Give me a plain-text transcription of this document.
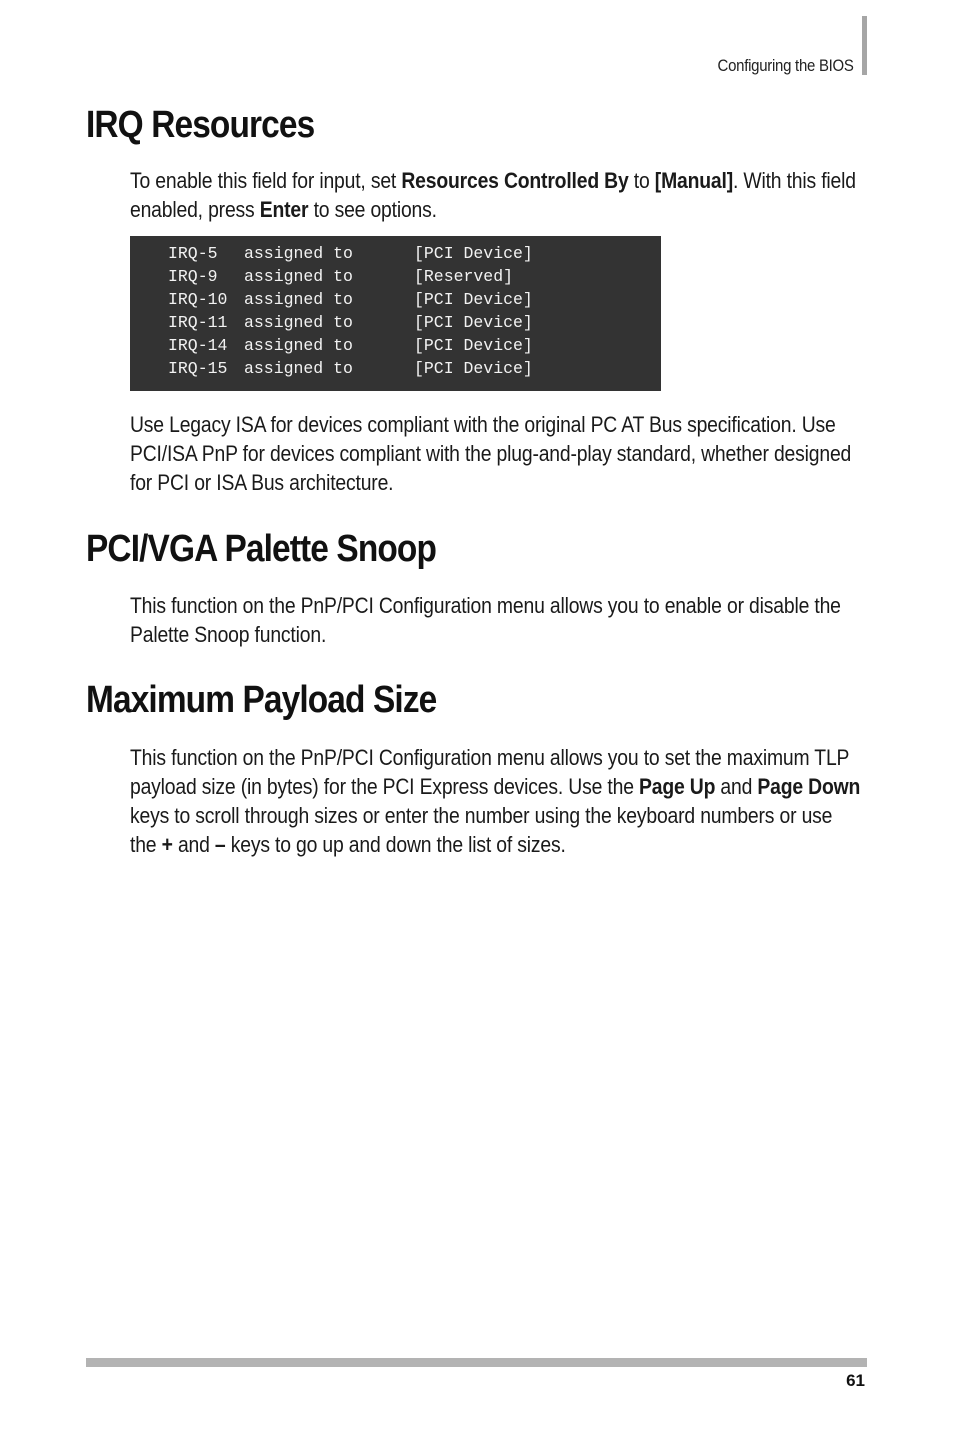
Configuring the BIOS
IRQ Resources

To enable this field for input, set Resources Controlled By to [Manual]. With this field enabled, press Enter to see options.

IRQ-5 assigned to	[PCI Device]
IRQ-9 assigned to	[Reserved]
IRQ-10 assigned to	[PCI Device]
IRQ-11 assigned to	[PCI Device]
IRQ-14 assigned to	[PCI Device]
IRQ-15 assigned to	[PCI Device]

Use Legacy ISA for devices compliant with the original PC AT Bus specification. Use PCI/ISA PnP for devices compliant with the plug-and-play standard, whether designed for PCI or ISA Bus architecture.

PCI/VGA Palette Snoop

This function on the PnP/PCI Configuration menu allows you to enable or disable the Palette Snoop function.

Maximum Payload Size

This function on the PnP/PCI Configuration menu allows you to set the maximum TLP payload size (in bytes) for the PCI Express devices. Use the Page Up and Page Down keys to scroll through sizes or enter the number using the keyboard numbers or use the + and – keys to go up and down the list of sizes.

61
